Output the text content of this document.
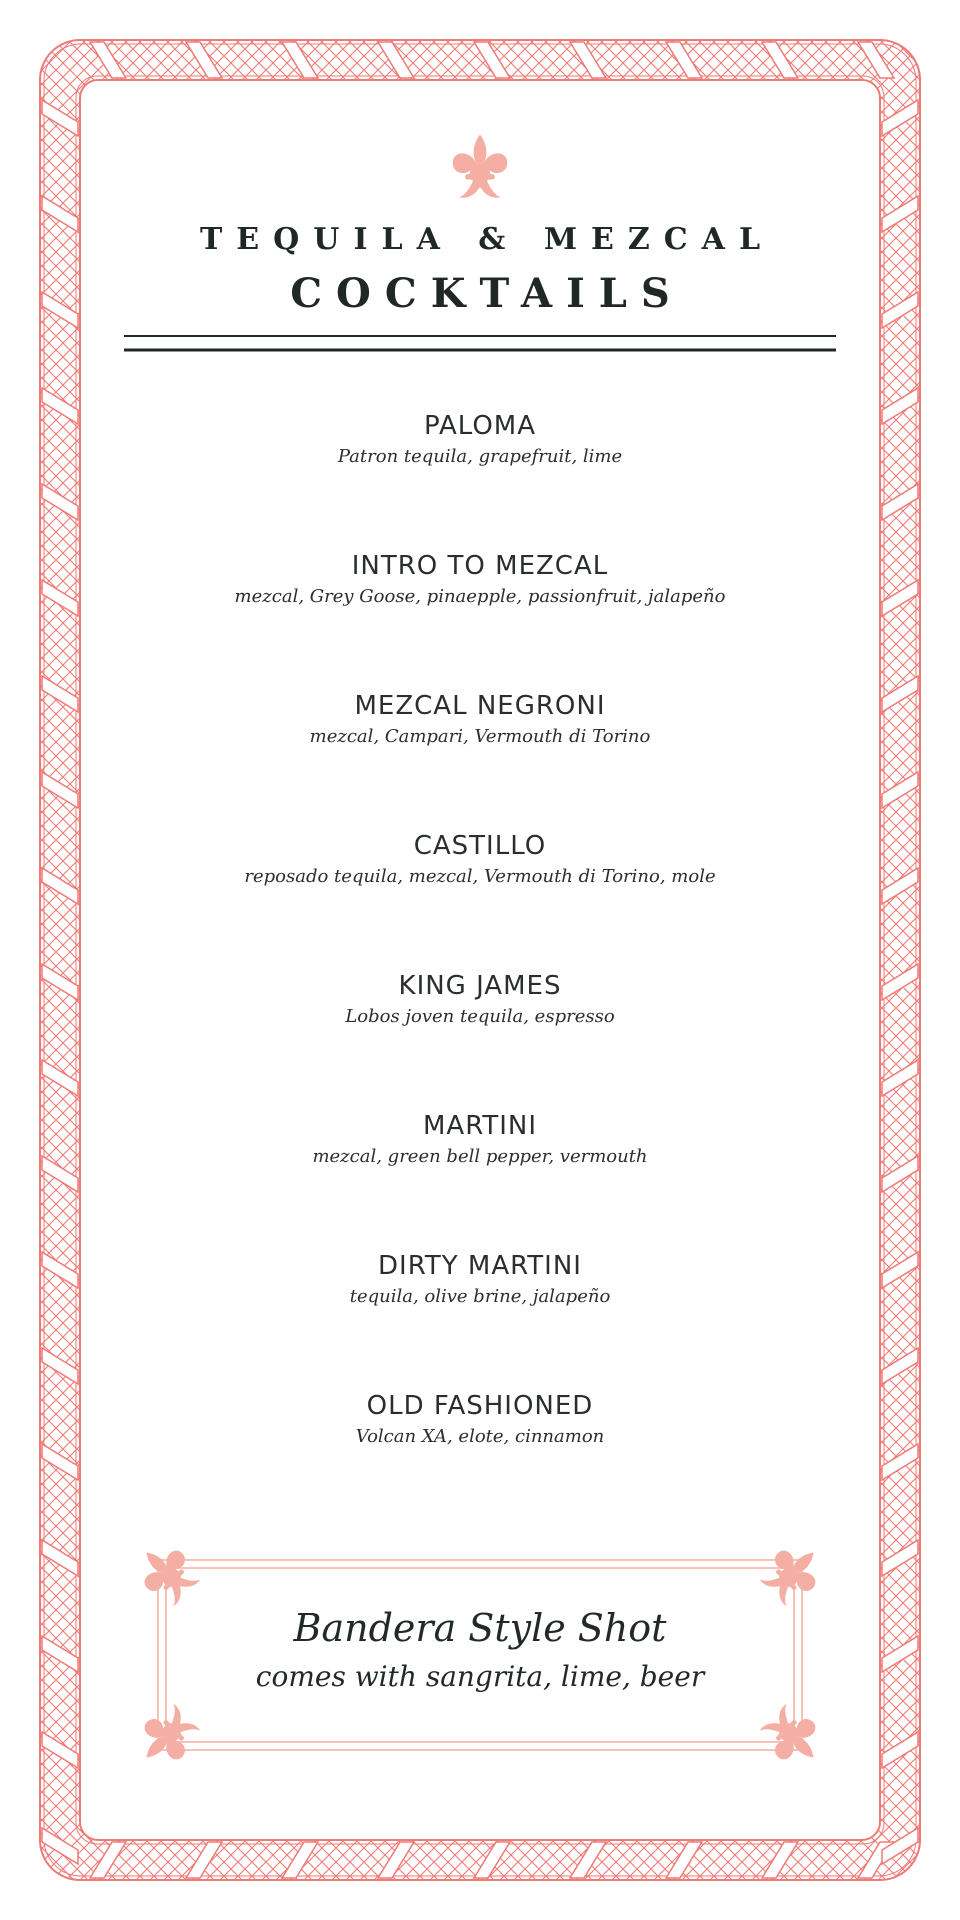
TEQUILA & MEZCAL
COCKTAILS
PALOMA
Patron tequila, grapefruit, lime
INTRO TO MEZCAL
mezcal, Grey Goose, pinaepple, passionfruit, jalapeño
MEZCAL NEGRONI
mezcal, Campari, Vermouth di Torino
CASTILLO
reposado tequila, mezcal, Vermouth di Torino, mole
KING JAMES
Lobos joven tequila, espresso
MARTINI
mezcal, green bell pepper, vermouth
DIRTY MARTINI
tequila, olive brine, jalapeño
OLD FASHIONED
Volcan XA, elote, cinnamon
Bandera Style Shot
comes with sangrita, lime, beer
